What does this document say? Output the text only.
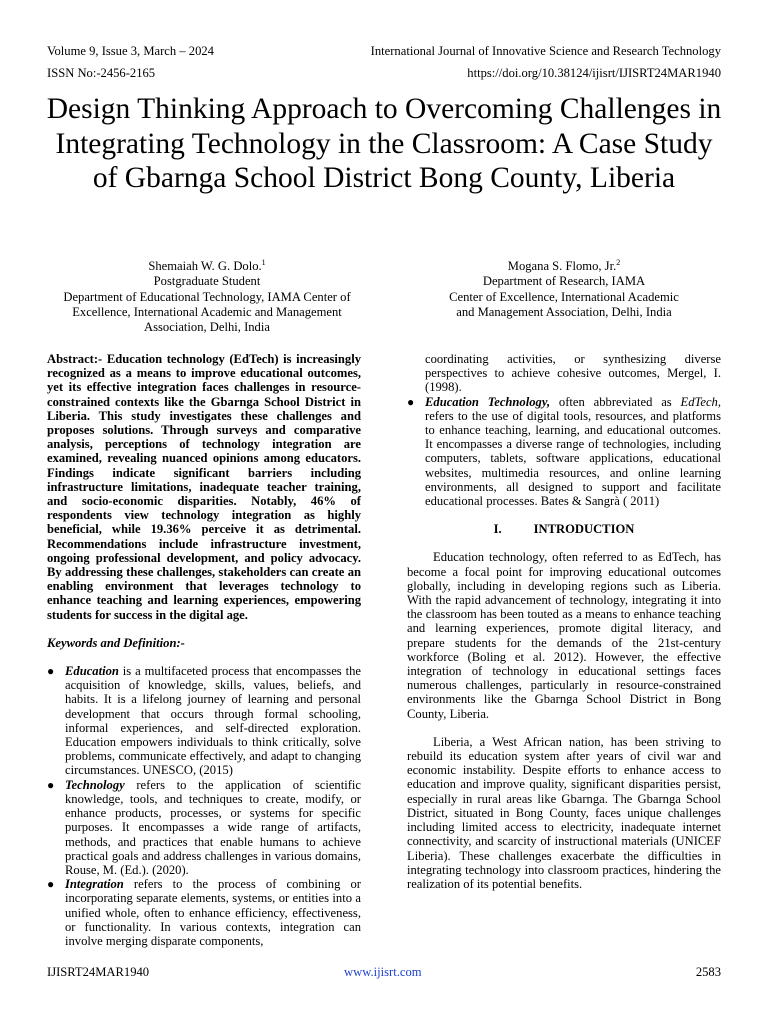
Volume 9, Issue 3, March – 2024	International Journal of Innovative Science and Research Technology
ISSN No:-2456-2165	https://doi.org/10.38124/ijisrt/IJISRT24MAR1940
Design Thinking Approach to Overcoming Challenges in Integrating Technology in the Classroom: A Case Study of Gbarnga School District Bong County, Liberia
Shemaiah W. G. Dolo.$^1$
Postgraduate Student
Department of Educational Technology, IAMA Center of Excellence, International Academic and Management Association, Delhi, India
Mogana S. Flomo, Jr.$^2$
Department of Research, IAMA
Center of Excellence, International Academic and Management Association, Delhi, India

Abstract:- Education technology (EdTech) is increasingly recognized as a means to improve educational outcomes, yet its effective integration faces challenges in resource-constrained contexts like the Gbarnga School District in Liberia. This study investigates these challenges and proposes solutions. Through surveys and comparative analysis, perceptions of technology integration are examined, revealing nuanced opinions among educators. Findings indicate significant barriers including infrastructure limitations, inadequate teacher training, and socio-economic disparities. Notably, 46% of respondents view technology integration as highly beneficial, while 19.36% perceive it as detrimental. Recommendations include infrastructure investment, ongoing professional development, and policy advocacy. By addressing these challenges, stakeholders can create an enabling environment that leverages technology to enhance teaching and learning experiences, empowering students for success in the digital age.

Keywords and Definition:-

● Education is a multifaceted process that encompasses the acquisition of knowledge, skills, values, beliefs, and habits. It is a lifelong journey of learning and personal development that occurs through formal schooling, informal experiences, and self-directed exploration. Education empowers individuals to think critically, solve problems, communicate effectively, and adapt to changing circumstances. UNESCO, (2015)
● Technology refers to the application of scientific knowledge, tools, and techniques to create, modify, or enhance products, processes, or systems for specific purposes. It encompasses a wide range of artifacts, methods, and practices that enable humans to achieve practical goals and address challenges in various domains, Rouse, M. (Ed.). (2020).
● Integration refers to the process of combining or incorporating separate elements, systems, or entities into a unified whole, often to enhance efficiency, effectiveness, or functionality. In various contexts, integration can involve merging disparate components,

coordinating activities, or synthesizing diverse perspectives to achieve cohesive outcomes, Mergel, I. (1998).

● Education Technology, often abbreviated as EdTech, refers to the use of digital tools, resources, and platforms to enhance teaching, learning, and educational outcomes. It encompasses a diverse range of technologies, including computers, tablets, software applications, educational websites, multimedia resources, and online learning environments, all designed to support and facilitate educational processes. Bates & Sangrà ( 2011)
I.	INTRODUCTION

Education technology, often referred to as EdTech, has become a focal point for improving educational outcomes globally, including in developing regions such as Liberia. With the rapid advancement of technology, integrating it into the classroom has been touted as a means to enhance teaching and learning experiences, promote digital literacy, and prepare students for the demands of the 21st-century workforce (Boling et al. 2012). However, the effective integration of technology in educational settings faces numerous challenges, particularly in resource-constrained environments like the Gbarnga School District in Bong County, Liberia.

Liberia, a West African nation, has been striving to rebuild its education system after years of civil war and economic instability. Despite efforts to enhance access to education and improve quality, significant disparities persist, especially in rural areas like Gbarnga. The Gbarnga School District, situated in Bong County, faces unique challenges including limited access to electricity, inadequate internet connectivity, and scarcity of instructional materials (UNICEF Liberia). These challenges exacerbate the difficulties in integrating technology into classroom practices, hindering the realization of its potential benefits.

IJISRT24MAR1940	www.ijisrt.com	2583
